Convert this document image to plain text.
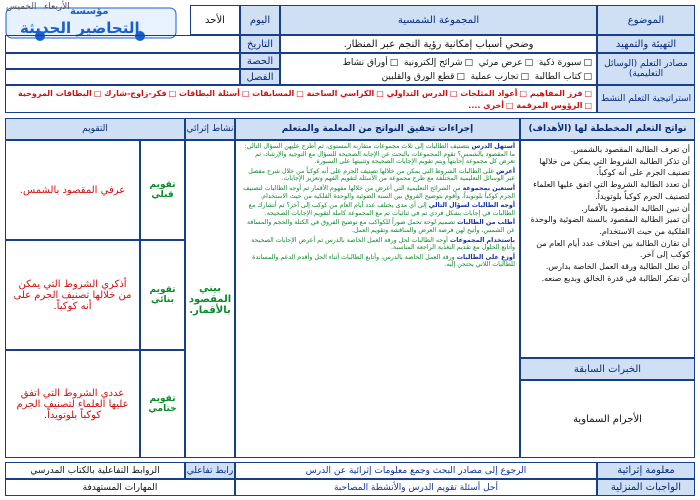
مؤسسة
التحاضير الحديثة
الخميس الأربعاء
الموضوع
المجموعة الشمسية
اليوم
الأحد
التهيئة والتمهيد
وضحي أسباب إمكانية رؤية النجم عبر المنظار.
التاريخ
مصادر التعلم (الوسائل التعليمية)
□ سبورة ذكية  □ عرض مرئي  □ شرائح إلكترونية  □ أوراق نشاط
□ كتاب الطالبة  □ تجارب عملية  □ قطع الورق والقلبين
الحصة
الفصل
استراتيجية التعلم النشط
□ فرز المفاهيم □ أعواد المثلجات □ الدرس التداولي □ الكراسي الساخنة □ المسابقات □ أسئلة البطاقات □ فكر-زاوج-شارك □ البطاقات المروحية □ الرؤوس المرقمة □ أخرى ....
نواتج التعلم المخططة لها (الأهداف)
إجراءات تحقيق النواتج من المعلمة والمتعلم
نشاط إثرائي
التقويم
أن تعرف الطالبة المقصود بالشمس.
أن تذكر الطالبة الشروط التي يمكن من خلالها تصنيف الجرم على أنه كوكباً.
أن تعدد الطالبة الشروط التي اتفق عليها العلماء لتصنيف الجرم كوكباً بلوتويداً.
أن تبين الطالبة المقصود بالأقمار.
أن تميز الطالبة المقصود بالسنة الضوئية والوحدة الفلكية من حيث الاستخدام.
أن تقارن الطالبة بين اختلاف عدد أيام العام من كوكب إلى آخر.
أن تعلل الطالبة ورقة العمل الخاصة بدارس.
أن تفكر الطالبة في قدرة الخالق وبديع صنعه.
الخبرات السابقة
الأجرام السماوية
أستهل الدرس بتصنيف الطالبات إلى ثلاث مجموعات متقاربة المستوى، ثم أطرح عليهن السؤال التالي: ما المقصود بالشمس؟ تقوم المجموعات بالبحث عن الإجابة الصحيحة للسؤال مع التوجيه والإرشاد، ثم تعرض كل مجموعة إجابتها ويتم تقويم الإجابات الصحيحة وتثبيتها على السبورة.
أعرض على الطالبات الشروط التي يمكن من خلالها تصنيف الجرم على أنه كوكباً من خلال شرح مفصل عبر الوسائل التعليمية المختلفة مع طرح مجموعة من الأسئلة لتقويم الفهم وتعزيز الإجابات.
أستعين بمجموعة من الشرائح التعليمية التي أعرض من خلالها مفهوم الأقمار ثم أوجه الطالبات لتصنيف الجرم كوكباً بلوتويداً، وأقوم بتوضيح الفروق بين السنة الضوئية والوحدة الفلكية من حيث الاستخدام.
أوجه الطالبات لسؤال التالي إلى أي مدى يختلف عدد أيام العام من كوكب إلى آخر؟ ثم أتشارك مع الطالبات في إجابات بشكل فردي ثم في ثنائيات ثم مع المجموعة كاملة لتقويم الإجابات الصحيحة.
أطلب من الطالبات تصميم لوحة تحمل صوراً للكواكب مع توضيح الفروق في الكتلة والحجم والمسافة عن الشمس، وأتيح لهن فرصة العرض والمناقشة وتقويم العمل.
باستخدام المجموعات أوجه الطالبات لحل ورقة العمل الخاصة بالدرس ثم أعرض الإجابات الصحيحة وأتابع الحلول مع تقديم التغذية الراجعة المناسبة.
أوزع على الطالبات ورقة العمل الخاصة بالدرس، وأتابع الطالبات أثناء الحل وأقدم الدعم والمساندة للطالبات اللاتي يحتجن إليه.
بيني المقصود بالأقمار.
تقويم قبلي
عرفي المقصود بالشمس.
تقويم بنائي
أذكري الشروط التي يمكن من خلالها تصنيف الجرم على أنه كوكباً.
تقويم ختامي
عددي الشروط التي اتفق عليها العلماء لتصنيف الجرم كوكباً بلوتويداً.
معلومة إثرائية
الرجوع إلى مصادر البحث وجمع معلومات إثرائية عن الدرس
رابط تفاعلي
الروابط التفاعلية بالكتاب المدرسي
الواجبات المنزلية
أحل أسئلة تقويم الدرس والأنشطة المصاحبة
المهارات المستهدفة
